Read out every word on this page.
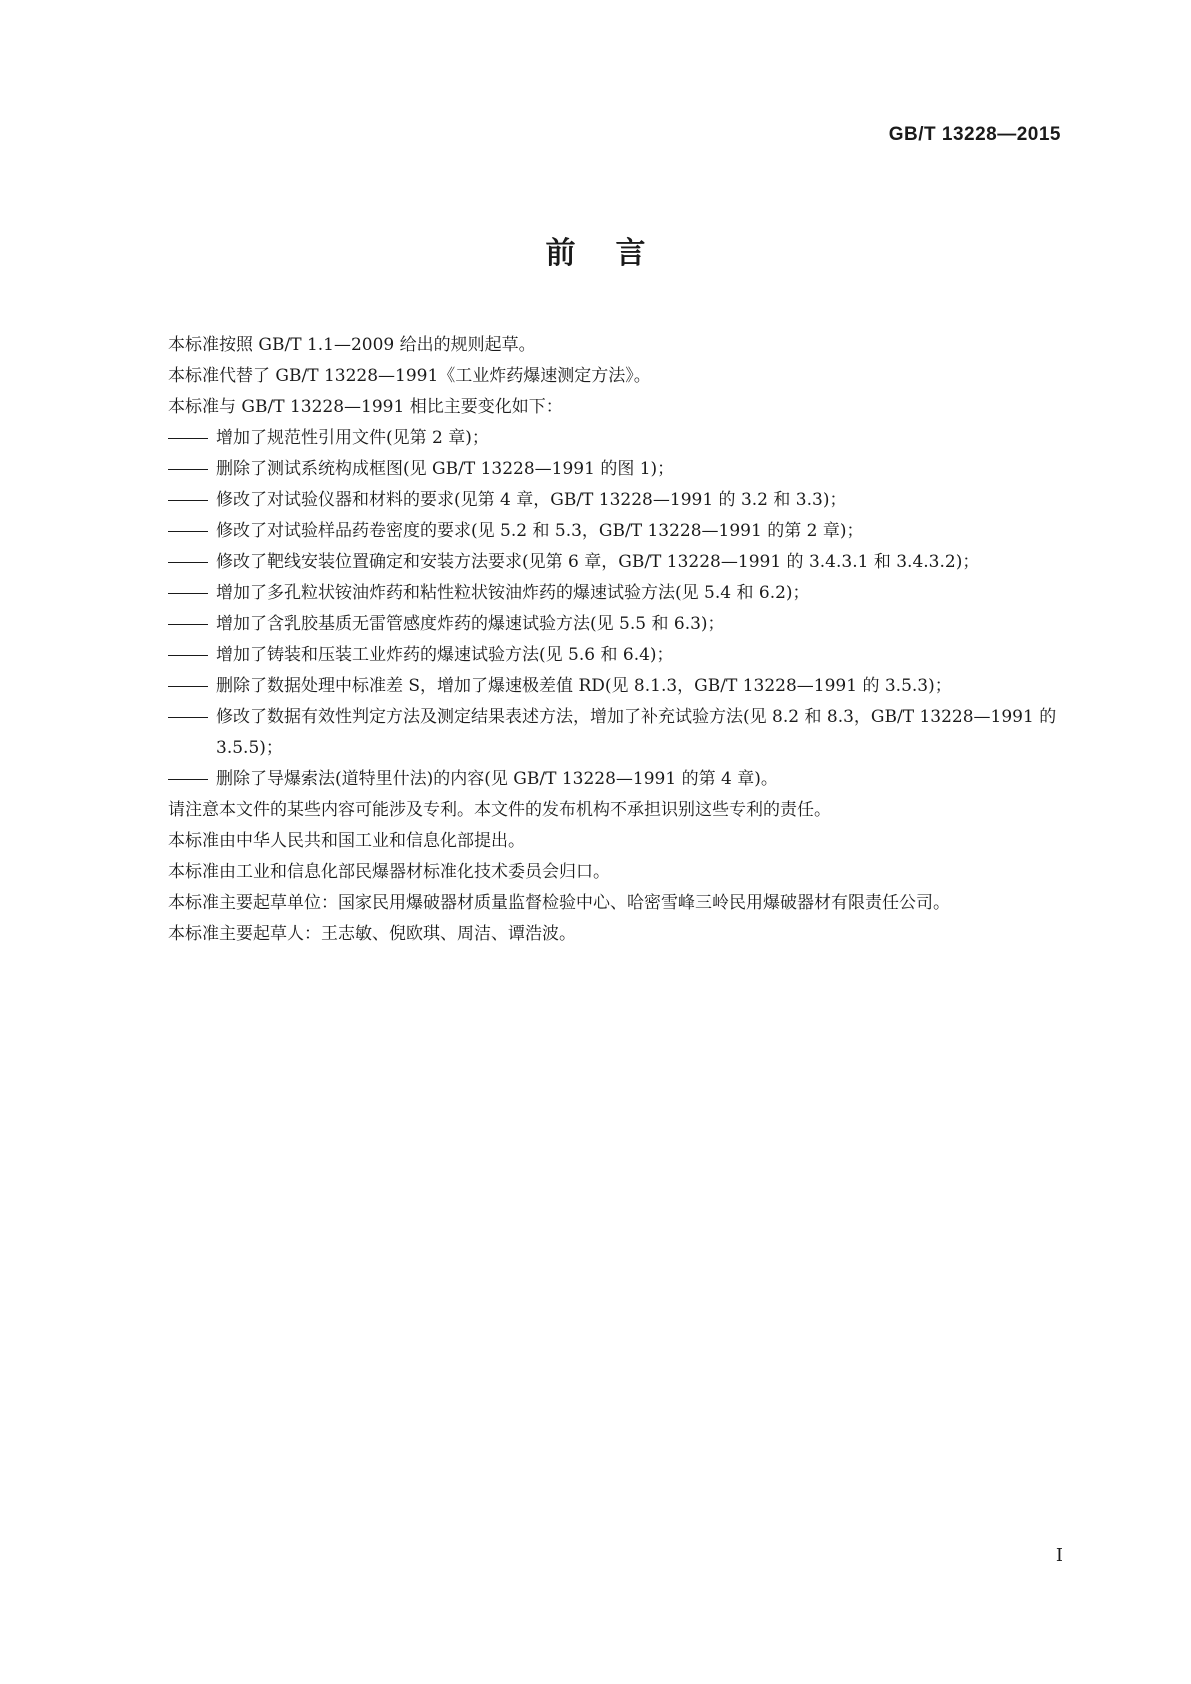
GB/T 13228—2015
前言

本标准按照 GB/T 1.1—2009 给出的规则起草。

本标准代替了 GB/T 13228—1991《工业炸药爆速测定方法》。

本标准与 GB/T 13228—1991 相比主要变化如下：

增加了规范性引用文件(见第 2 章)；

删除了测试系统构成框图(见 GB/T 13228—1991 的图 1)；

修改了对试验仪器和材料的要求(见第 4 章，GB/T 13228—1991 的 3.2 和 3.3)；

修改了对试验样品药卷密度的要求(见 5.2 和 5.3，GB/T 13228—1991 的第 2 章)；

修改了靶线安装位置确定和安装方法要求(见第 6 章，GB/T 13228—1991 的 3.4.3.1 和 3.4.3.2)；

增加了多孔粒状铵油炸药和粘性粒状铵油炸药的爆速试验方法(见 5.4 和 6.2)；

增加了含乳胶基质无雷管感度炸药的爆速试验方法(见 5.5 和 6.3)；

增加了铸装和压装工业炸药的爆速试验方法(见 5.6 和 6.4)；

删除了数据处理中标准差 S，增加了爆速极差值 RD(见 8.1.3，GB/T 13228—1991 的 3.5.3)；

修改了数据有效性判定方法及测定结果表述方法，增加了补充试验方法(见 8.2 和 8.3，GB/T 13228—1991 的 3.5.5)；

删除了导爆索法(道特里什法)的内容(见 GB/T 13228—1991 的第 4 章)。

请注意本文件的某些内容可能涉及专利。本文件的发布机构不承担识别这些专利的责任。

本标准由中华人民共和国工业和信息化部提出。

本标准由工业和信息化部民爆器材标准化技术委员会归口。

本标准主要起草单位：国家民用爆破器材质量监督检验中心、哈密雪峰三岭民用爆破器材有限责任公司。

本标准主要起草人：王志敏、倪欧琪、周洁、谭浩波。

I
